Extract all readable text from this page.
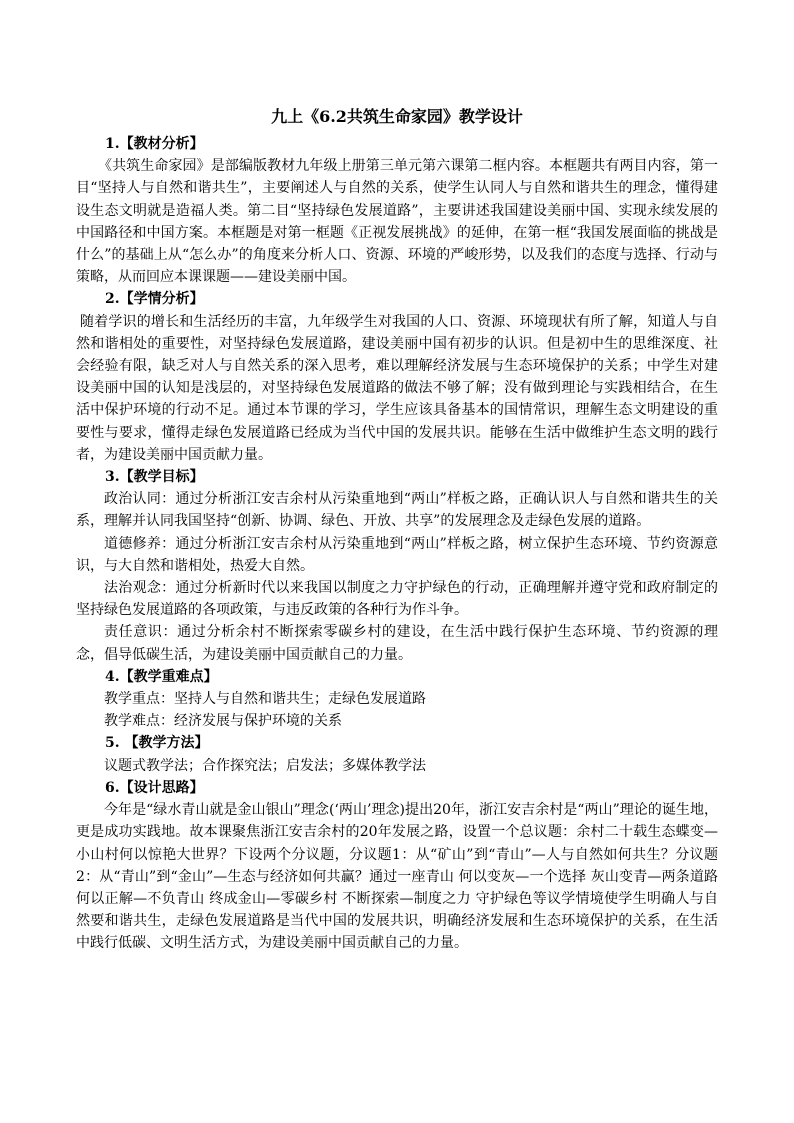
九上《6.2共筑生命家园》教学设计
1.【教材分析】

《共筑生命家园》是部编版教材九年级上册第三单元第六课第二框内容。本框题共有两目内容，第一目“坚持人与自然和谐共生”，主要阐述人与自然的关系，使学生认同人与自然和谐共生的理念，懂得建设生态文明就是造福人类。第二目“坚持绿色发展道路”，主要讲述我国建设美丽中国、实现永续发展的中国路径和中国方案。本框题是对第一框题《正视发展挑战》的延伸，在第一框“我国发展面临的挑战是什么”的基础上从“怎么办”的角度来分析人口、资源、环境的严峻形势，以及我们的态度与选择、行动与策略，从而回应本课课题——建设美丽中国。

2.【学情分析】

随着学识的增长和生活经历的丰富，九年级学生对我国的人口、资源、环境现状有所了解，知道人与自然和谐相处的重要性，对坚持绿色发展道路，建设美丽中国有初步的认识。但是初中生的思维深度、社会经验有限，缺乏对人与自然关系的深入思考，难以理解经济发展与生态环境保护的关系；中学生对建设美丽中国的认知是浅层的，对坚持绿色发展道路的做法不够了解；没有做到理论与实践相结合，在生活中保护环境的行动不足。通过本节课的学习，学生应该具备基本的国情常识，理解生态文明建设的重要性与要求，懂得走绿色发展道路已经成为当代中国的发展共识。能够在生活中做维护生态文明的践行者，为建设美丽中国贡献力量。

3.【教学目标】

政治认同：通过分析浙江安吉余村从污染重地到“两山”样板之路，正确认识人与自然和谐共生的关系，理解并认同我国坚持“创新、协调、绿色、开放、共享”的发展理念及走绿色发展的道路。

道德修养：通过分析浙江安吉余村从污染重地到“两山”样板之路，树立保护生态环境、节约资源意识，与大自然和谐相处，热爱大自然。

法治观念：通过分析新时代以来我国以制度之力守护绿色的行动，正确理解并遵守党和政府制定的坚持绿色发展道路的各项政策，与违反政策的各种行为作斗争。

责任意识：通过分析余村不断探索零碳乡村的建设，在生活中践行保护生态环境、节约资源的理念，倡导低碳生活，为建设美丽中国贡献自己的力量。

4.【教学重难点】

教学重点：坚持人与自然和谐共生；走绿色发展道路

教学难点：经济发展与保护环境的关系

5. 【教学方法】

议题式教学法；合作探究法；启发法；多媒体教学法

6.【设计思路】

今年是“绿水青山就是金山银山”理念(‘两山’理念)提出20年，浙江安吉余村是“两山”理论的诞生地，更是成功实践地。故本课聚焦浙江安吉余村的20年发展之路，设置一个总议题：余村二十载生态蝶变—小山村何以惊艳大世界？下设两个分议题，分议题1：从“矿山”到“青山”—人与自然如何共生？分议题2：从“青山”到“金山”—生态与经济如何共赢？通过一座青山 何以变灰—一个选择 灰山变青—两条道路 何以正解—不负青山 终成金山—零碳乡村 不断探索—制度之力 守护绿色等议学情境使学生明确人与自然要和谐共生，走绿色发展道路是当代中国的发展共识，明确经济发展和生态环境保护的关系，在生活中践行低碳、文明生活方式，为建设美丽中国贡献自己的力量。
